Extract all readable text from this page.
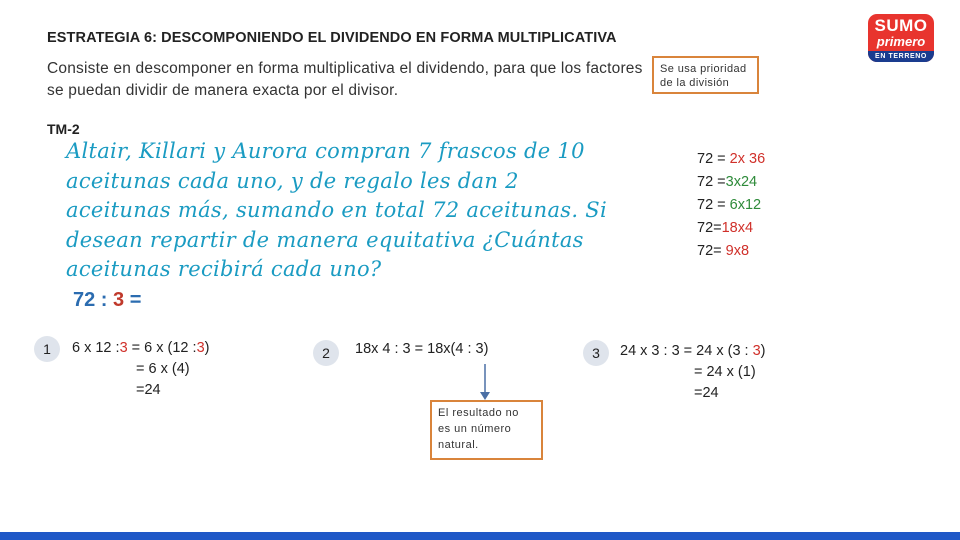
ESTRATEGIA 6: DESCOMPONIENDO EL DIVIDENDO EN FORMA MULTIPLICATIVA
Consiste en descomponer en forma multiplicativa el dividendo, para que los factores se puedan dividir de manera exacta por el divisor.
Se usa prioridad de la división
SUMO
primero
EN TERRENO
TM-2
Altair, Killari y Aurora compran 7 frascos de 10 aceitunas cada uno, y de regalo les dan 2 aceitunas más, sumando en total 72 aceitunas. Si desean repartir de manera equitativa ¿Cuántas aceitunas recibirá cada uno?
72 = 2x 36
72 =3x24
72 = 6x12
72=18x4
72= 9x8
72 : 3 =
1	6 x 12 :3 = 6 x (12 :3)
= 6 x (4)
=24
2	18x 4 : 3 = 18x(4 : 3)
El resultado no es un número natural.
3	24 x 3 : 3 = 24 x (3 : 3)
= 24 x (1)
=24
